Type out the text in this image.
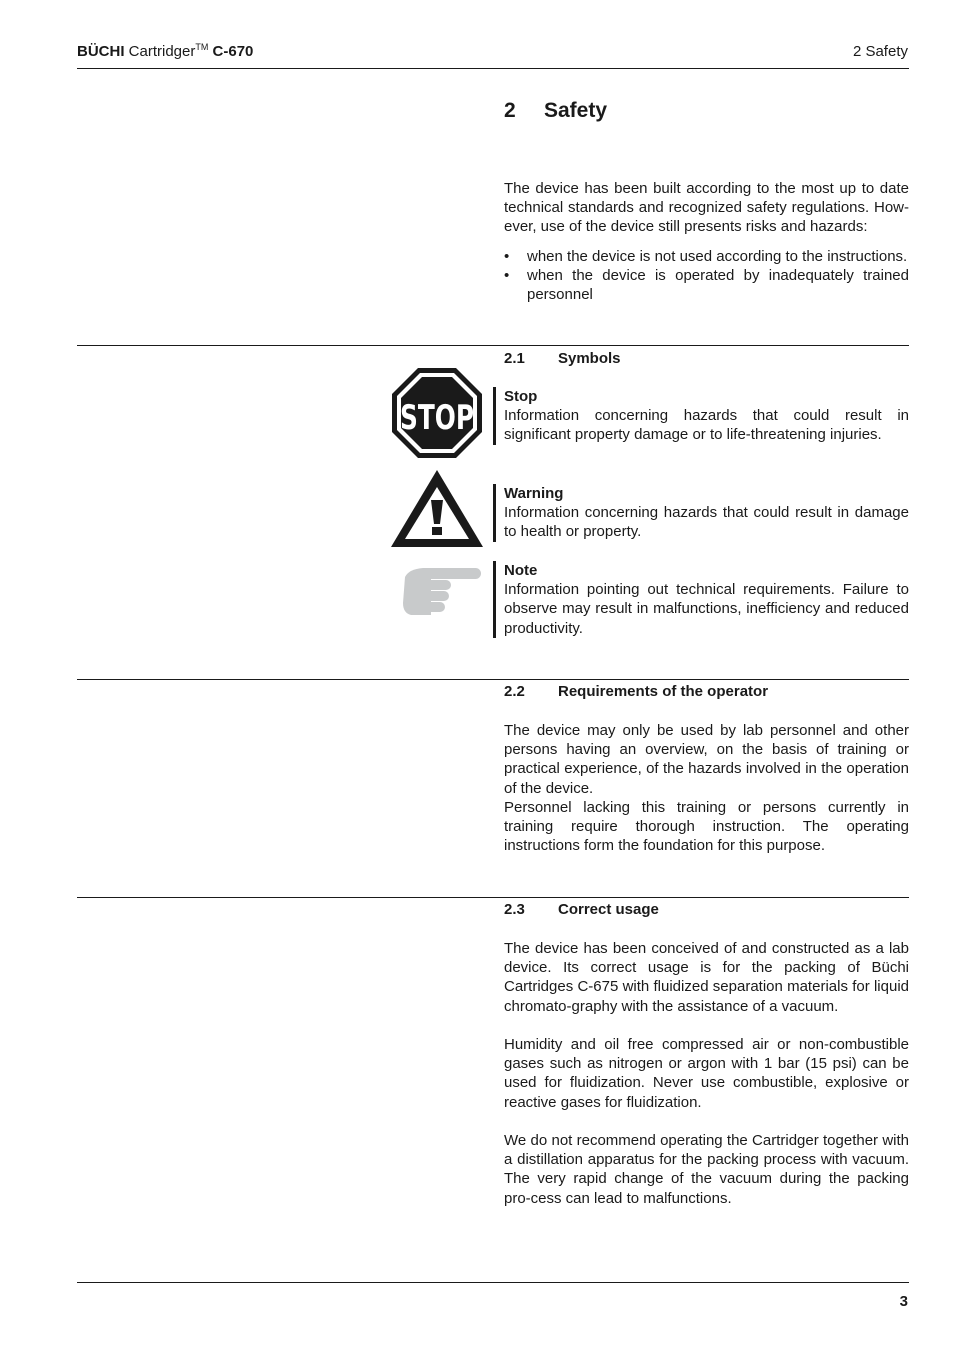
BÜCHI Cartridger™ C-670	2 Safety
2 Safety
The device has been built according to the most up to date technical standards and recognized safety regulations. How-ever, use of the device still presents risks and hazards:
• when the device is not used according to the instructions.
• when the device is operated by inadequately trained personnel
2.1 Symbols
STOP
Stop
Information concerning hazards that could result in significant property damage or to life-threatening injuries.
Warning
Information concerning hazards that could result in damage to health or property.
Note
Information pointing out technical requirements. Failure to observe may result in malfunctions, inefficiency and reduced productivity.
2.2 Requirements of the operator
The device may only be used by lab personnel and other persons having an overview, on the basis of training or practical experience, of the hazards involved in the operation of the device.
Personnel lacking this training or persons currently in training require thorough instruction. The operating instructions form the foundation for this purpose.
2.3 Correct usage
The device has been conceived of and constructed as a lab device. Its correct usage is for the packing of Büchi Cartridges C-675 with fluidized separation materials for liquid chromato-graphy with the assistance of a vacuum.
Humidity and oil free compressed air or non-combustible gases such as nitrogen or argon with 1 bar (15 psi) can be used for fluidization. Never use combustible, explosive or reactive gases for fluidization.
We do not recommend operating the Cartridger together with a distillation apparatus for the packing process with vacuum. The very rapid change of the vacuum during the packing pro-cess can lead to malfunctions.
3
